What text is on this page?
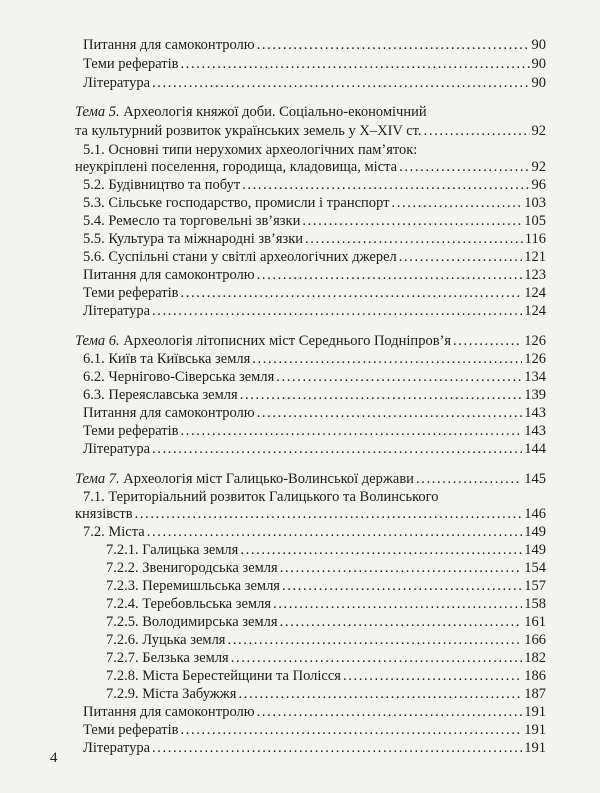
Питання для самоконтролю . . .	90
Теми рефератів . . .	90
Література . . .	90
Тема 5. Археологія княжої доби. Соціально-економічний
та культурний розвиток українських земель у X–XIV ст. . . .	92
5.1. Основні типи нерухомих археологічних пам’яток:
неукріплені поселення, городища, кладовища, міста . . .	92
5.2. Будівництво та побут . . .	96
5.3. Сільське господарство, промисли і транспорт . . .	103
5.4. Ремесло та торговельні зв’язки . . .	105
5.5. Культура та міжнародні зв’язки . . .	116
5.6. Суспільні стани у світлі археологічних джерел . . .	121
Питання для самоконтролю . . .	123
Теми рефератів . . .	124
Література . . .	124
Тема 6. Археологія літописних міст Середнього Подніпров’я . . .	126
6.1. Київ та Київська земля . . .	126
6.2. Чернігово-Сіверська земля . . .	134
6.3. Переяславська земля . . .	139
Питання для самоконтролю . . .	143
Теми рефератів . . .	143
Література . . .	144
Тема 7. Археологія міст Галицько-Волинської держави . . .	145
7.1. Територіальний розвиток Галицького та Волинського
князівств . . .	146
7.2. Міста . . .	149
7.2.1. Галицька земля . . .	149
7.2.2. Звенигородська земля . . .	154
7.2.3. Перемишльська земля . . .	157
7.2.4. Теребовльська земля . . .	158
7.2.5. Володимирська земля . . .	161
7.2.6. Луцька земля . . .	166
7.2.7. Белзька земля . . .	182
7.2.8. Міста Берестейщини та Полісся . . .	186
7.2.9. Міста Забужжя . . .	187
Питання для самоконтролю . . .	191
Теми рефератів . . .	191
Література . . .	191
4
